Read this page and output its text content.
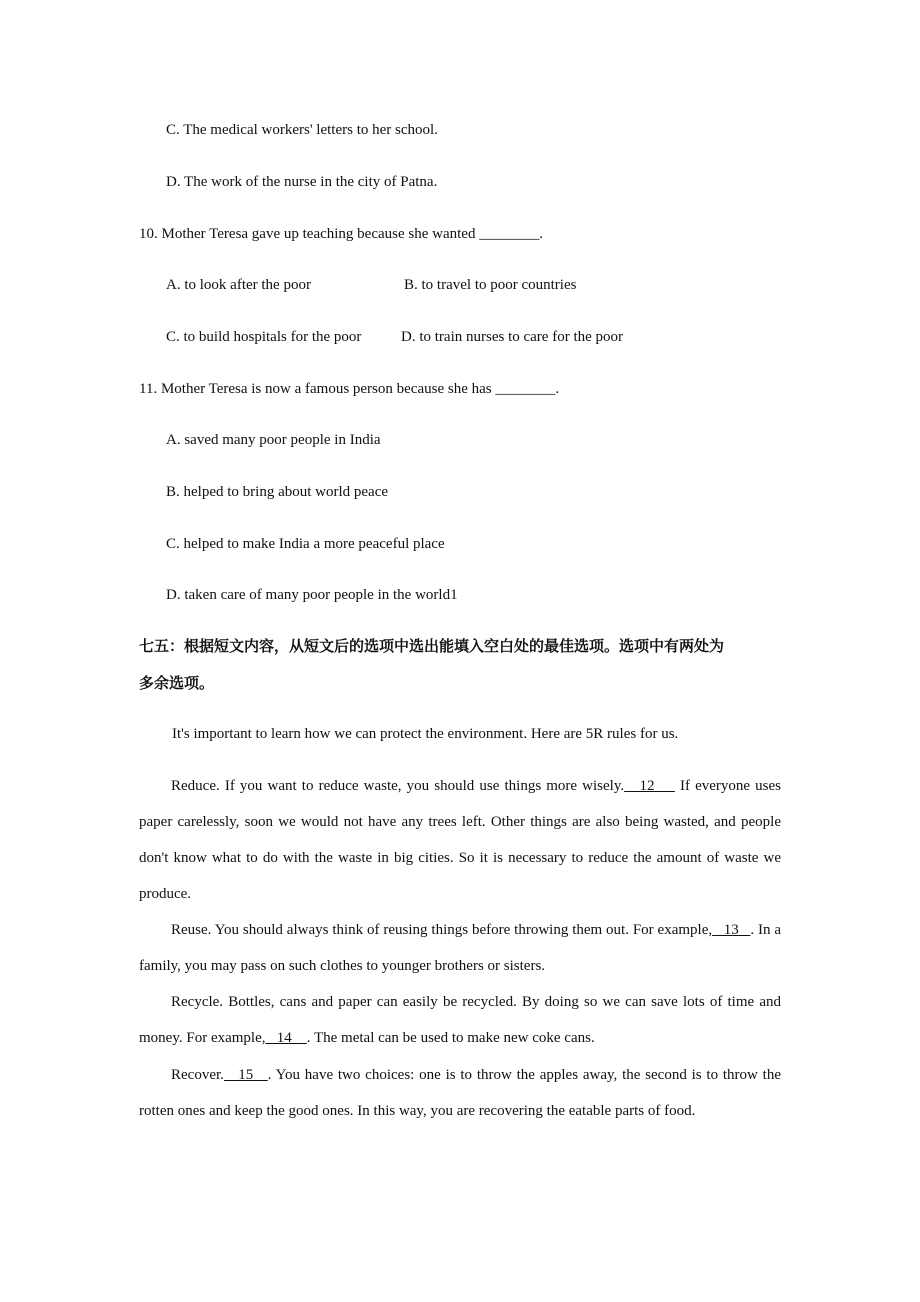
C. The medical workers' letters to her school.
D. The work of the nurse in the city of Patna.
10. Mother Teresa gave up teaching because she wanted ________.
A. to look after the poor	B. to travel to poor countries
C. to build hospitals for the poor	D. to train nurses to care for the poor
11. Mother Teresa is now a famous person because she has ________.
A. saved many poor people in India
B. helped to bring about world peace
C. helped to make India a more peaceful place
D. taken care of many poor people in the world1
七五：根据短文内容，从短文后的选项中选出能填入空白处的最佳选项。选项中有两处为
多余选项。
It's important to learn how we can protect the environment. Here are 5R rules for us.
Reduce. If you want to reduce waste, you should use things more wisely.   12     If everyone uses paper carelessly, soon we would not have any trees left. Other things are also being wasted, and people don't know what to do with the waste in big cities. So it is necessary to reduce the amount of waste we produce.
Reuse. You should always think of reusing things before throwing them out. For example,   13   . In a family, you may pass on such clothes to younger brothers or sisters.
Recycle. Bottles, cans and paper can easily be recycled. By doing so we can save lots of time and money. For example,   14    . The metal can be used to make new coke cans.
Recover.   15   . You have two choices: one is to throw the apples away, the second is to throw the rotten ones and keep the good ones. In this way, you are recovering the eatable parts of food.
